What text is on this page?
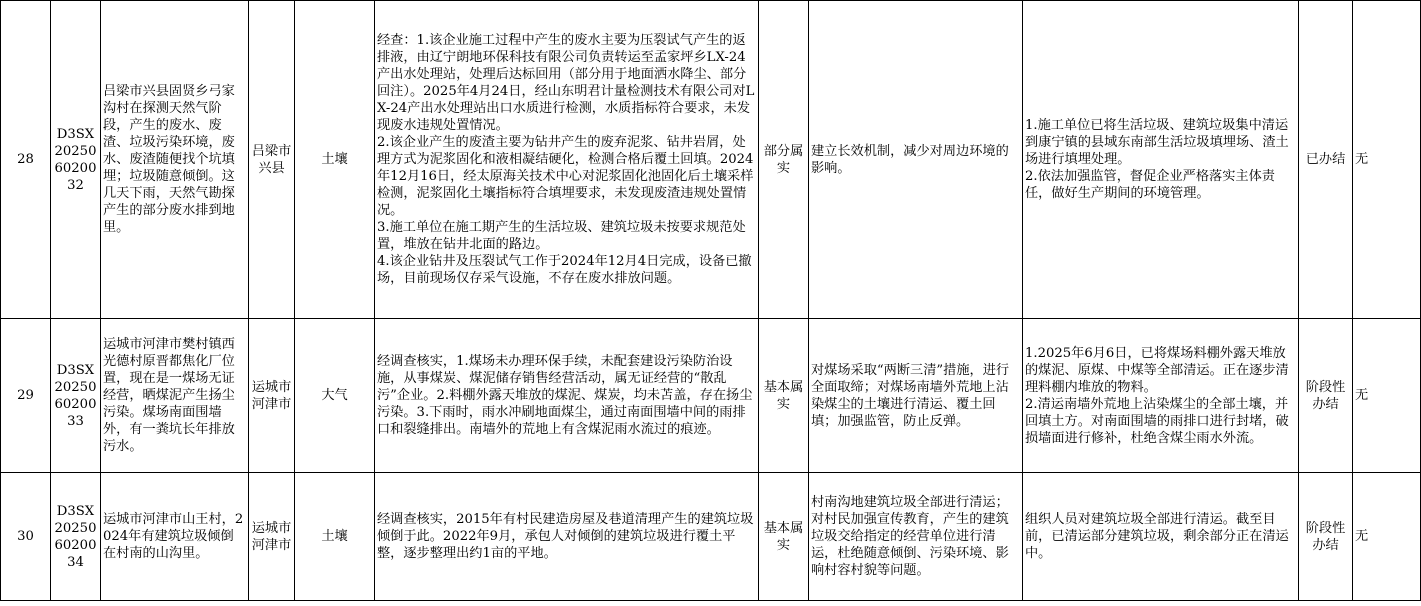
28	D3SX202506020032	吕梁市兴县固贤乡弓家沟村在探测天然气阶段，产生的废水、废渣、垃圾污染环境，废水、废渣随便找个坑填埋；垃圾随意倾倒。这几天下雨，天然气勘探产生的部分废水排到地里。	吕梁市兴县	土壤	经查：1.该企业施工过程中产生的废水主要为压裂试气产生的返排液，由辽宁朗地环保科技有限公司负责转运至孟家坪乡LX-24产出水处理站，处理后达标回用（部分用于地面洒水降尘、部分回注）。2025年4月24日，经山东明君计量检测技术有限公司对LX-24产出水处理站出口水质进行检测，水质指标符合要求，未发现废水违规处置情况。
2.该企业产生的废渣主要为钻井产生的废弃泥浆、钻井岩屑，处理方式为泥浆固化和液相凝结硬化，检测合格后覆土回填。2024年12月16日，经太原海关技术中心对泥浆固化池固化后土壤采样检测，泥浆固化土壤指标符合填埋要求，未发现废渣违规处置情况。
3.施工单位在施工期产生的生活垃圾、建筑垃圾未按要求规范处置，堆放在钻井北面的路边。
4.该企业钻井及压裂试气工作于2024年12月4日完成，设备已撤场，目前现场仅存采气设施，不存在废水排放问题。	部分属实	建立长效机制，减少对周边环境的影响。	1.施工单位已将生活垃圾、建筑垃圾集中清运到康宁镇的县域东南部生活垃圾填埋场、渣土场进行填埋处理。
2.依法加强监管，督促企业严格落实主体责任，做好生产期间的环境管理。	已办结	无
29	D3SX202506020033	运城市河津市樊村镇西光德村原晋都焦化厂位置，现在是一煤场无证经营，晒煤泥产生扬尘污染。煤场南面围墙外，有一粪坑长年排放污水。	运城市河津市	大气	经调查核实，1.煤场未办理环保手续，未配套建设污染防治设施，从事煤炭、煤泥储存销售经营活动，属无证经营的“散乱污”企业。2.料棚外露天堆放的煤泥、煤炭，均未苫盖，存在扬尘污染。3.下雨时，雨水冲刷地面煤尘，通过南面围墙中间的雨排口和裂缝排出。南墙外的荒地上有含煤泥雨水流过的痕迹。	基本属实	对煤场采取“两断三清”措施，进行全面取缔；对煤场南墙外荒地上沾染煤尘的土壤进行清运、覆土回填；加强监管，防止反弹。	1.2025年6月6日，已将煤场料棚外露天堆放的煤泥、原煤、中煤等全部清运。正在逐步清理料棚内堆放的物料。
2.清运南墙外荒地上沾染煤尘的全部土壤，并回填土方。对南面围墙的雨排口进行封堵，破损墙面进行修补，杜绝含煤尘雨水外流。	阶段性办结	无
30	D3SX202506020034	运城市河津市山王村，2024年有建筑垃圾倾倒在村南的山沟里。	运城市河津市	土壤	经调查核实，2015年有村民建造房屋及巷道清理产生的建筑垃圾倾倒于此。2022年9月，承包人对倾倒的建筑垃圾进行覆土平整，逐步整理出约1亩的平地。	基本属实	村南沟地建筑垃圾全部进行清运；对村民加强宣传教育，产生的建筑垃圾交给指定的经营单位进行清运，杜绝随意倾倒、污染环境、影响村容村貌等问题。	组织人员对建筑垃圾全部进行清运。截至目前，已清运部分建筑垃圾，剩余部分正在清运中。	阶段性办结	无
